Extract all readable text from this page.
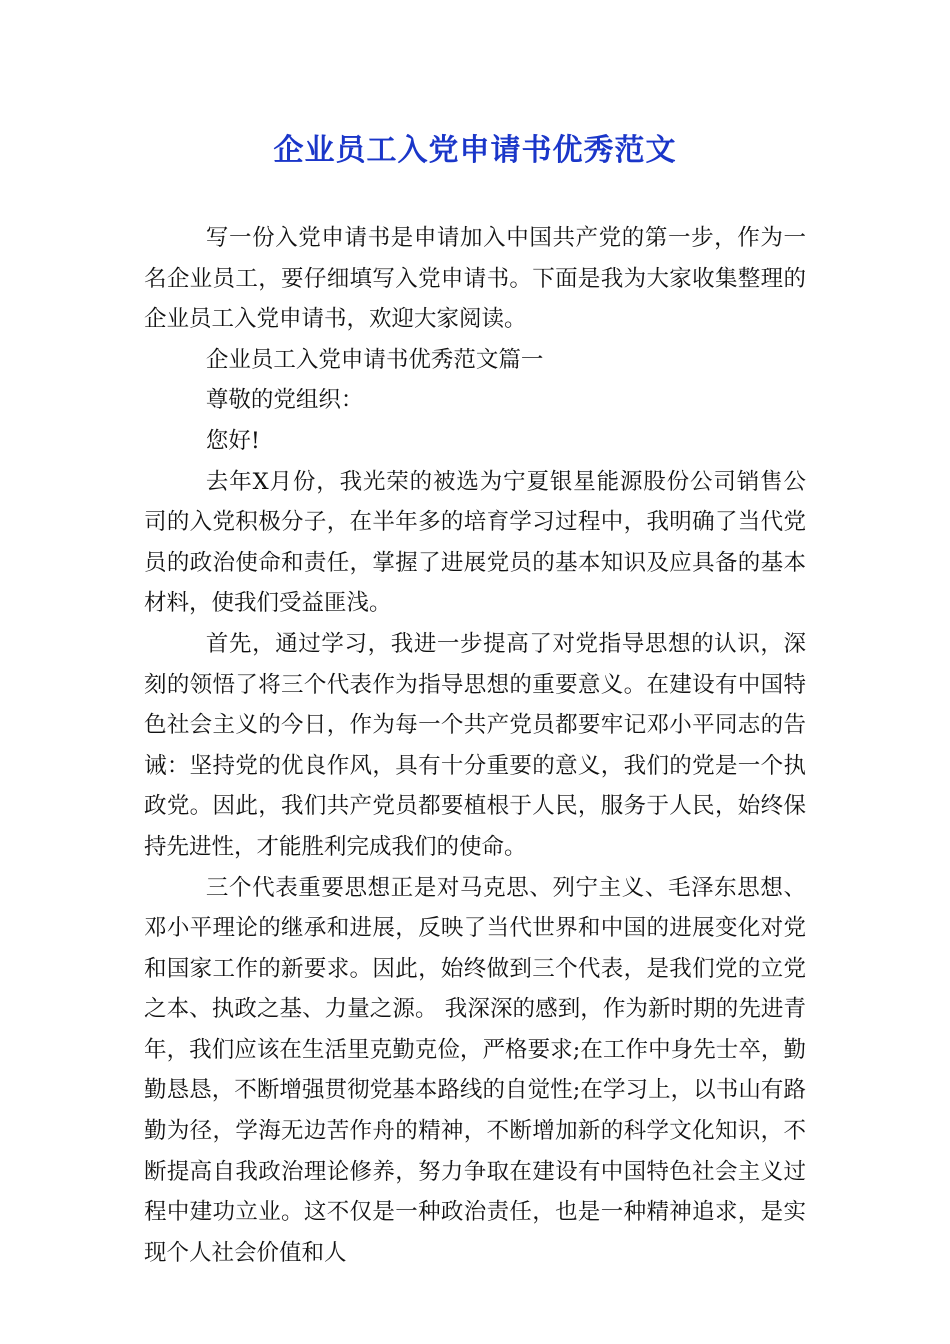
企业员工入党申请书优秀范文

写一份入党申请书是申请加入中国共产党的第一步，作为一名企业员工，要仔细填写入党申请书。下面是我为大家收集整理的企业员工入党申请书，欢迎大家阅读。

企业员工入党申请书优秀范文篇一

尊敬的党组织：

您好!

去年X月份，我光荣的被选为宁夏银星能源股份公司销售公司的入党积极分子，在半年多的培育学习过程中，我明确了当代党员的政治使命和责任，掌握了进展党员的基本知识及应具备的基本材料，使我们受益匪浅。

首先，通过学习，我进一步提高了对党指导思想的认识，深刻的领悟了将三个代表作为指导思想的重要意义。在建设有中国特色社会主义的今日，作为每一个共产党员都要牢记邓小平同志的告诫：坚持党的优良作风，具有十分重要的意义，我们的党是一个执政党。因此，我们共产党员都要植根于人民，服务于人民，始终保持先进性，才能胜利完成我们的使命。

三个代表重要思想正是对马克思、列宁主义、毛泽东思想、邓小平理论的继承和进展，反映了当代世界和中国的进展变化对党和国家工作的新要求。因此，始终做到三个代表，是我们党的立党之本、执政之基、力量之源。 我深深的感到，作为新时期的先进青年，我们应该在生活里克勤克俭，严格要求;在工作中身先士卒，勤勤恳恳，不断增强贯彻党基本路线的自觉性;在学习上，以书山有路勤为径，学海无边苦作舟的精神，不断增加新的科学文化知识，不断提高自我政治理论修养，努力争取在建设有中国特色社会主义过程中建功立业。这不仅是一种政治责任，也是一种精神追求，是实现个人社会价值和人
